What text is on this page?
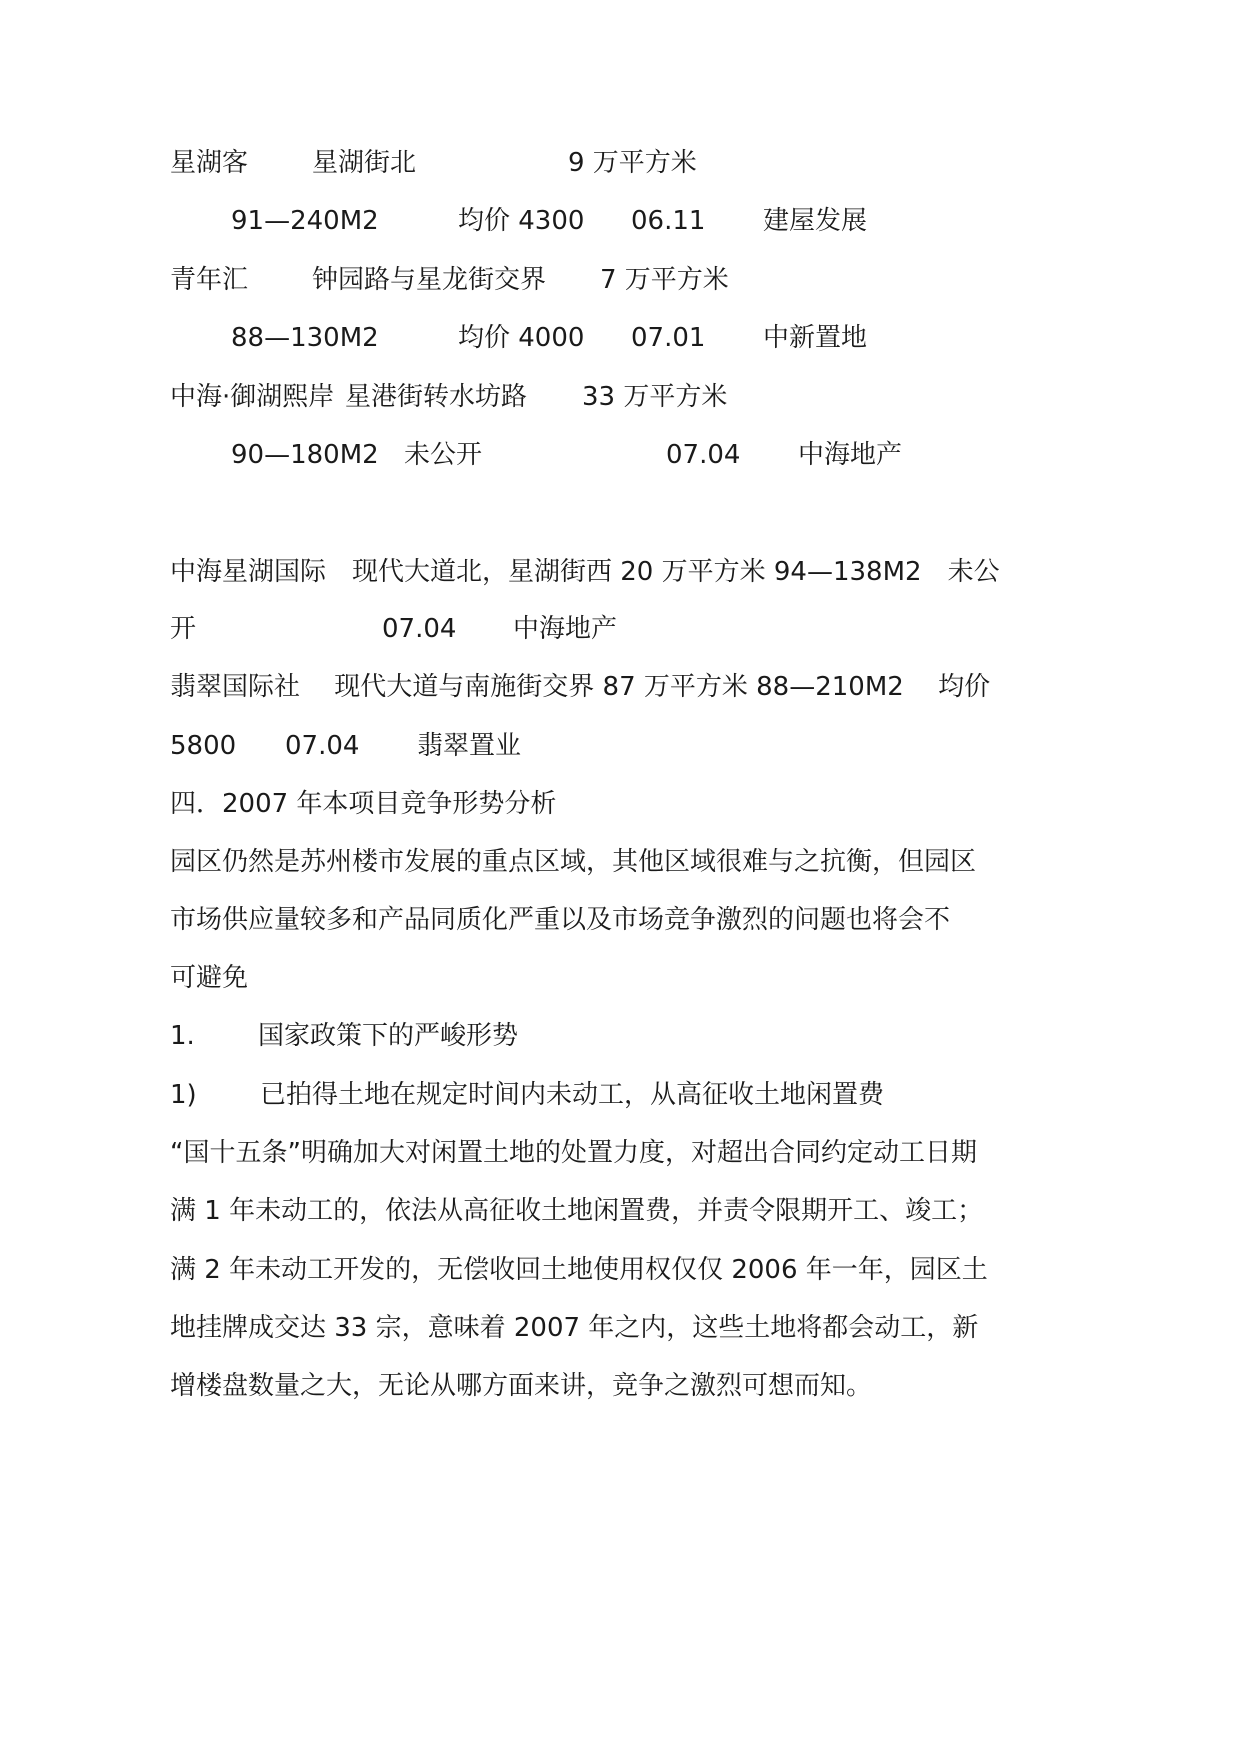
星湖客 星湖街北	9 万平方米
91—240M2	均价 4300 06.11 建屋发展
青年汇 钟园路与星龙街交界 7 万平方米
88—130M2	均价 4000 07.01 中新置地
中海·御湖熙岸 星港街转水坊路 33 万平方米
90—180M2 未公开	07.04 中海地产
中海星湖国际　现代大道北，星湖街西 20 万平方米 94—138M2　未公
开	07.04 中海地产
翡翠国际社　 现代大道与南施街交界 87 万平方米 88—210M2　 均价
5800 07.04 翡翠置业
四．2007 年本项目竞争形势分析
园区仍然是苏州楼市发展的重点区域，其他区域很难与之抗衡，但园区
市场供应量较多和产品同质化严重以及市场竞争激烈的问题也将会不
可避免
1. 国家政策下的严峻形势
1) 已拍得土地在规定时间内未动工，从高征收土地闲置费
“国十五条”明确加大对闲置土地的处置力度，对超出合同约定动工日期
满 1 年未动工的，依法从高征收土地闲置费，并责令限期开工、竣工；
满 2 年未动工开发的，无偿收回土地使用权仅仅 2006 年一年，园区土
地挂牌成交达 33 宗，意味着 2007 年之内，这些土地将都会动工，新
增楼盘数量之大，无论从哪方面来讲，竞争之激烈可想而知。
